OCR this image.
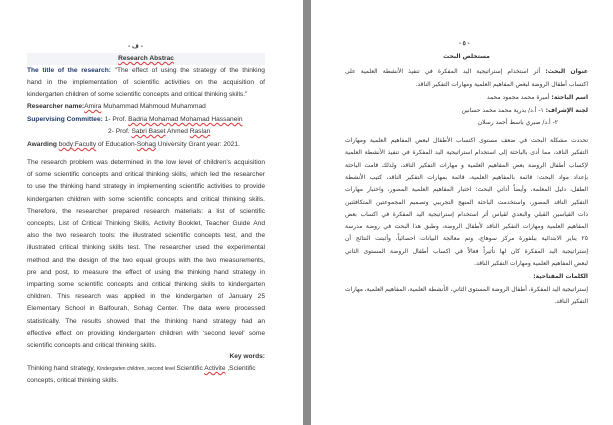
- ف -
Research Abstrac
The title of the research: "The effect of using the strategy of the thinking
hand in the implementation of scientific activities on the acquisition of
kindergarten children of some scientific concepts and critical thinking skills."
Researcher name:Amira Muhammad Mahmoud Muhammad
Supervising Committee: 1- Prof. Badria Mohamad Mohamad Hassanein
2- Prof. Sabri Baset Ahmed Raslan
Awarding body:Faculty of Education-Sohag University Grant year: 2021.
The research problem was determined in the low level of children's acquisition
of some scientific concepts and critical thinking skills, which led the researcher
to use the thinking hand strategy in implementing scientific activities to provide
kindergarten children with some scientific concepts and critical thinking skills.
Therefore, the researcher prepared research materials: a list of scientific
concepts, List of Critical Thinking Skills, Activity Booklet, Teacher Guide And
also the two research tools: the illustrated scientific concepts test, and the
illustrated critical thinking skills test. The researcher used the experimental
method and the design of the two equal groups with the two measurements,
pre and post, to measure the effect of using the thinking hand strategy in
imparting some scientific concepts and critical thinking skills to kindergarten
children. This research was applied in the kindergarten of January 25
Elementary School in Balfourah, Sohag Center. The data were processed
statistically. The results showed that the thinking hand strategy had an
effective effect on providing kindergarten children with 'second level' some
scientific concepts and critical thinking skills.
Key words:
Thinking hand strategy, Kindergarten children, second level Scientific Activite ,Scientific
concepts, critical thinking skills.
- ٥ -
مستخلص البحث
عنوان البحث: أثر استخدام إستراتيجية اليد المفكرة في تنفيذ الأنشطة العلمية على
اكتساب أطفال الروضة لبعض المفاهيم العلمية ومهارات التفكير الناقد.
اسم الباحثة: أميرة محمد محمود محمد
لجنة الإشراف: ١- أ.د/ بدرية محمد محمد حسانين
٢- أ.د/ صبري باسط أحمد رسلان
تحددت مشكلة البحث في ضعف مستوى اكتساب الأطفال لبعض المفاهيم العلمية ومهارات
التفكير الناقد، مما أدى بالباحثة إلى استخدام استراتيجية اليد المفكرة في تنفيذ الأنشطة العلمية
لإكساب أطفال الروضة بعض المفاهيم العلمية و مهارات التفكير الناقد، ولذلك قامت الباحثة
بإعداد مواد البحث: قائمة بالمفاهيم العلمية، قائمة بمهارات التفكير الناقد، كتيب الأنشطة
الطفل، دليل المعلمة، وأيضاً أداتي البحث: اختبار المفاهيم العلمية المصور، واختبار مهارات
التفكير الناقد المصور، واستخدمت الباحثة المنهج التجريبي وتصميم المجموعتين المتكافئتين
ذات القياسين القبلي والبعدي لقياس أثر استخدام إستراتيجية اليد المفكرة في اكساب بعض
المفاهيم العلمية ومهارات التفكير الناقد لأطفال الروضة، وطبق هذا البحث في روضة مدرسة
٢٥ يناير الابتدائية ببلفورة مركز سوهاج، وتم معالجة البيانات احصائياً، وأثبتت النتائج أن
إستراتيجية اليد المفكرة كان لها تأثيراً فعالاً في اكساب أطفال الروضة المستوى الثاني
لبعض المفاهيم العلمية ومهارات التفكير الناقد.
الكلمات المفتاحية:
إستراتيجية اليد المفكرة، أطفال الروضة المستوى الثاني، الأنشطة العلمية، المفاهيم العلمية، مهارات
التفكير الناقد.
